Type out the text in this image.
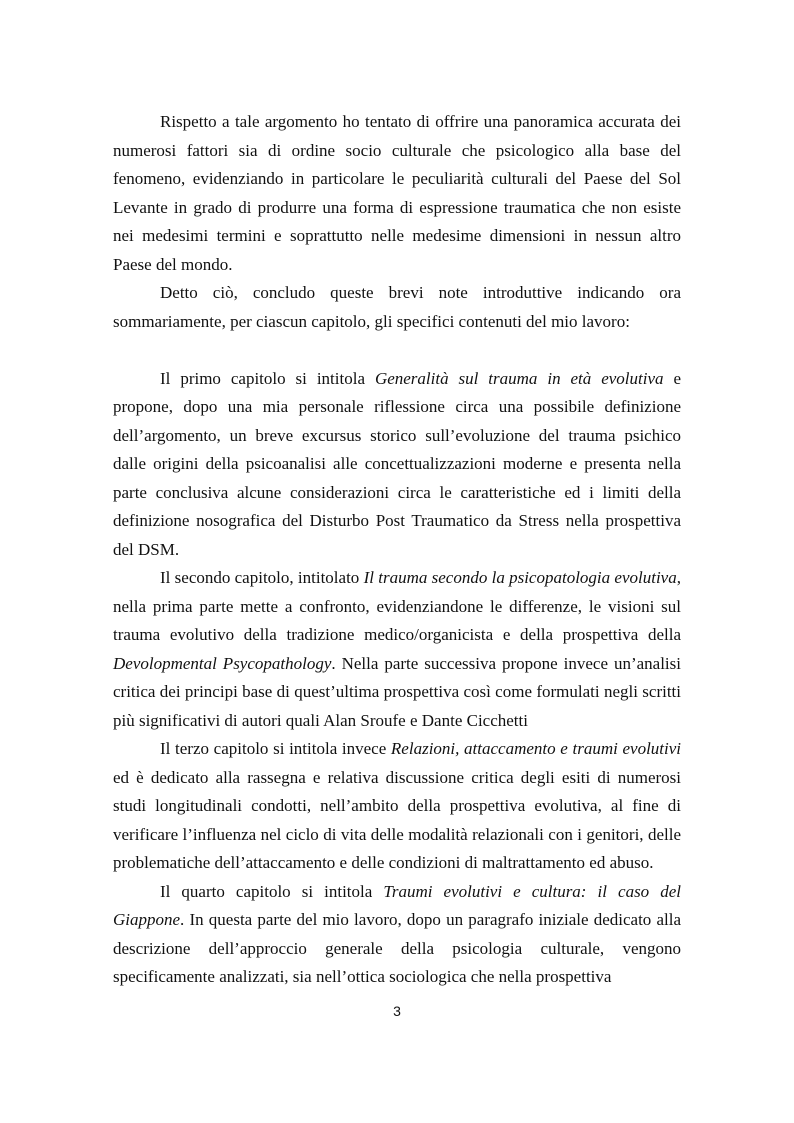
Rispetto a tale argomento ho tentato di offrire una panoramica accurata dei numerosi fattori sia di ordine socio culturale che psicologico alla base del fenomeno, evidenziando in particolare le peculiarità culturali del Paese del Sol Levante in grado di produrre una forma di espressione traumatica che non esiste nei medesimi termini e soprattutto nelle medesime dimensioni in nessun altro Paese del mondo.

Detto ciò, concludo queste brevi note introduttive indicando ora sommariamente, per ciascun capitolo, gli specifici contenuti del mio lavoro:

Il primo capitolo si intitola Generalità sul trauma in età evolutiva e propone, dopo una mia personale riflessione circa una possibile definizione dell’argomento, un breve excursus storico sull’evoluzione del trauma psichico dalle origini della psicoanalisi alle concettualizzazioni moderne e presenta nella parte conclusiva alcune considerazioni circa le caratteristiche ed i limiti della definizione nosografica del Disturbo Post Traumatico da Stress nella prospettiva del DSM.

Il secondo capitolo, intitolato Il trauma secondo la psicopatologia evolutiva, nella prima parte mette a confronto, evidenziandone le differenze, le visioni sul trauma evolutivo della tradizione medico/organicista e della prospettiva della Devolopmental Psycopathology. Nella parte successiva propone invece un’analisi critica dei principi base di quest’ultima prospettiva così come formulati negli scritti più significativi di autori quali Alan Sroufe e Dante Cicchetti

Il terzo capitolo si intitola invece Relazioni, attaccamento e traumi evolutivi ed è dedicato alla rassegna e relativa discussione critica degli esiti di numerosi studi longitudinali condotti, nell’ambito della prospettiva evolutiva, al fine di verificare l’influenza nel ciclo di vita delle modalità relazionali con i genitori, delle problematiche dell’attaccamento e delle condizioni di maltrattamento ed abuso.

Il quarto capitolo si intitola Traumi evolutivi e cultura: il caso del Giappone. In questa parte del mio lavoro, dopo un paragrafo iniziale dedicato alla descrizione dell’approccio generale della psicologia culturale, vengono specificamente analizzati, sia nell’ottica sociologica che nella prospettiva

3
